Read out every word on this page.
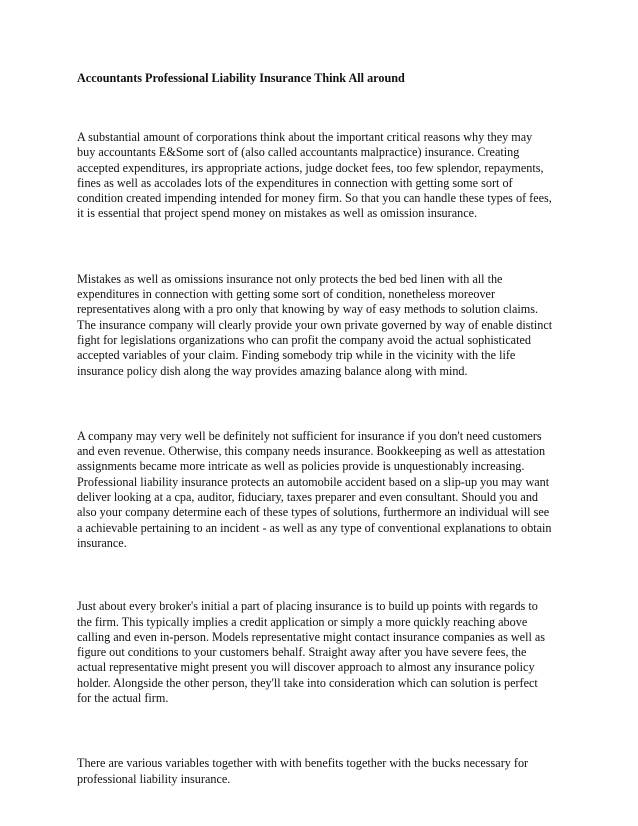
Accountants Professional Liability Insurance Think All around

A substantial amount of corporations think about the important critical reasons why they may
buy accountants E&Some sort of (also called accountants malpractice) insurance. Creating
accepted expenditures, irs appropriate actions, judge docket fees, too few splendor, repayments,
fines as well as accolades lots of the expenditures in connection with getting some sort of
condition created impending intended for money firm. So that you can handle these types of fees,
it is essential that project spend money on mistakes as well as omission insurance.

Mistakes as well as omissions insurance not only protects the bed bed linen with all the
expenditures in connection with getting some sort of condition, nonetheless moreover
representatives along with a pro only that knowing by way of easy methods to solution claims.
The insurance company will clearly provide your own private governed by way of enable distinct
fight for legislations organizations who can profit the company avoid the actual sophisticated
accepted variables of your claim. Finding somebody trip while in the vicinity with the life
insurance policy dish along the way provides amazing balance along with mind.

A company may very well be definitely not sufficient for insurance if you don't need customers
and even revenue. Otherwise, this company needs insurance. Bookkeeping as well as attestation
assignments became more intricate as well as policies provide is unquestionably increasing.
Professional liability insurance protects an automobile accident based on a slip-up you may want
deliver looking at a cpa, auditor, fiduciary, taxes preparer and even consultant. Should you and
also your company determine each of these types of solutions, furthermore an individual will see
a achievable pertaining to an incident - as well as any type of conventional explanations to obtain
insurance.

Just about every broker's initial a part of placing insurance is to build up points with regards to
the firm. This typically implies a credit application or simply a more quickly reaching above
calling and even in-person. Models representative might contact insurance companies as well as
figure out conditions to your customers behalf. Straight away after you have severe fees, the
actual representative might present you will discover approach to almost any insurance policy
holder. Alongside the other person, they'll take into consideration which can solution is perfect
for the actual firm.

There are various variables together with with benefits together with the bucks necessary for
professional liability insurance.
